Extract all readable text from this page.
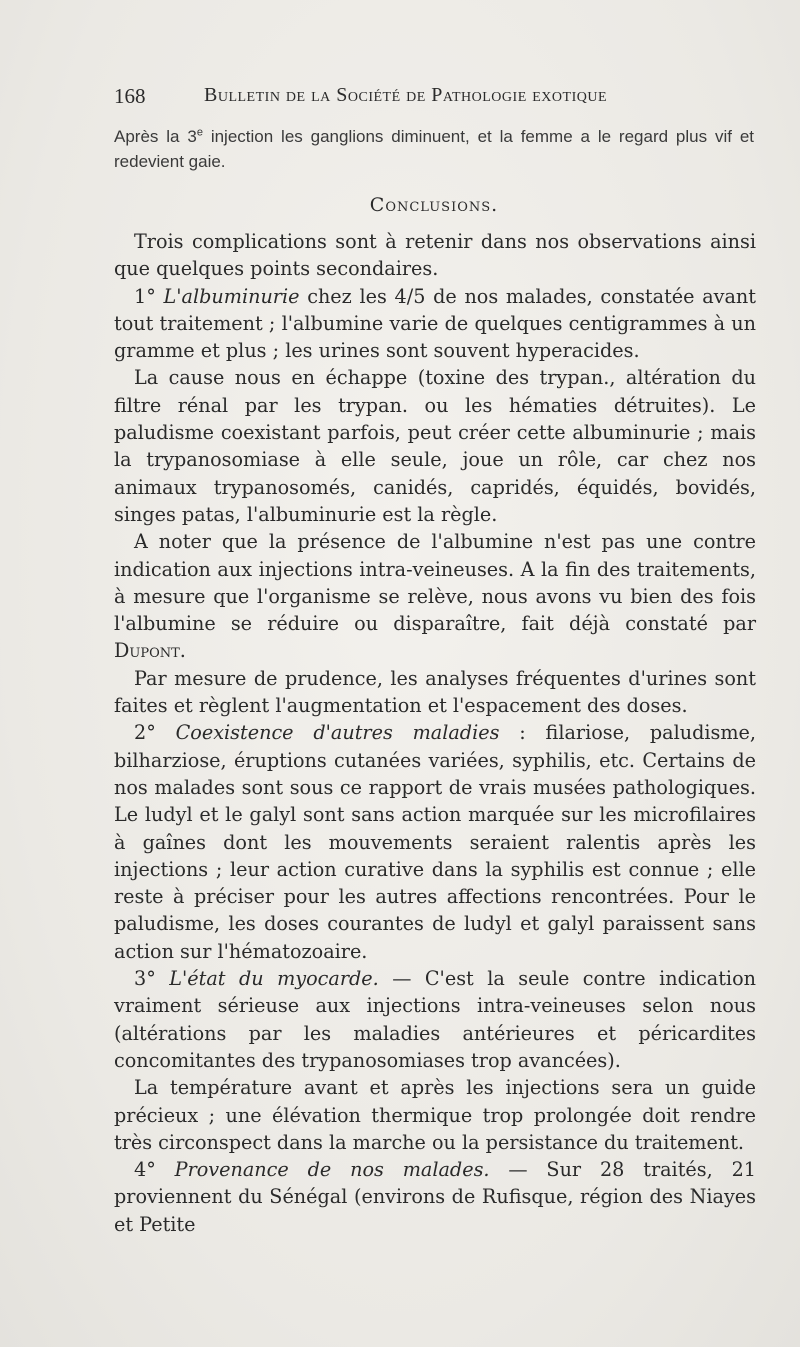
168	Bulletin de la Société de Pathologie exotique
Après la 3e injection les ganglions diminuent, et la femme a le regard plus vif et redevient gaie.
Conclusions.

Trois complications sont à retenir dans nos observations ainsi que quelques points secondaires.

1° L'albuminurie chez les 4/5 de nos malades, constatée avant tout traitement ; l'albumine varie de quelques centigrammes à un gramme et plus ; les urines sont souvent hyperacides.

La cause nous en échappe (toxine des trypan., altération du filtre rénal par les trypan. ou les hématies détruites). Le paludisme coexistant parfois, peut créer cette albuminurie ; mais la trypanosomiase à elle seule, joue un rôle, car chez nos animaux trypanosomés, canidés, capridés, équidés, bovidés, singes patas, l'albuminurie est la règle.

A noter que la présence de l'albumine n'est pas une contre indication aux injections intra-veineuses. A la fin des traitements, à mesure que l'organisme se relève, nous avons vu bien des fois l'albumine se réduire ou disparaître, fait déjà constaté par Dupont.

Par mesure de prudence, les analyses fréquentes d'urines sont faites et règlent l'augmentation et l'espacement des doses.

2° Coexistence d'autres maladies : filariose, paludisme, bilharziose, éruptions cutanées variées, syphilis, etc. Certains de nos malades sont sous ce rapport de vrais musées pathologiques. Le ludyl et le galyl sont sans action marquée sur les microfilaires à gaînes dont les mouvements seraient ralentis après les injections ; leur action curative dans la syphilis est connue ; elle reste à préciser pour les autres affections rencontrées. Pour le paludisme, les doses courantes de ludyl et galyl paraissent sans action sur l'hématozoaire.

3° L'état du myocarde. — C'est la seule contre indication vraiment sérieuse aux injections intra-veineuses selon nous (altérations par les maladies antérieures et péricardites concomitantes des trypanosomiases trop avancées).

La température avant et après les injections sera un guide précieux ; une élévation thermique trop prolongée doit rendre très circonspect dans la marche ou la persistance du traitement.

4° Provenance de nos malades. — Sur 28 traités, 21 proviennent du Sénégal (environs de Rufisque, région des Niayes et Petite
